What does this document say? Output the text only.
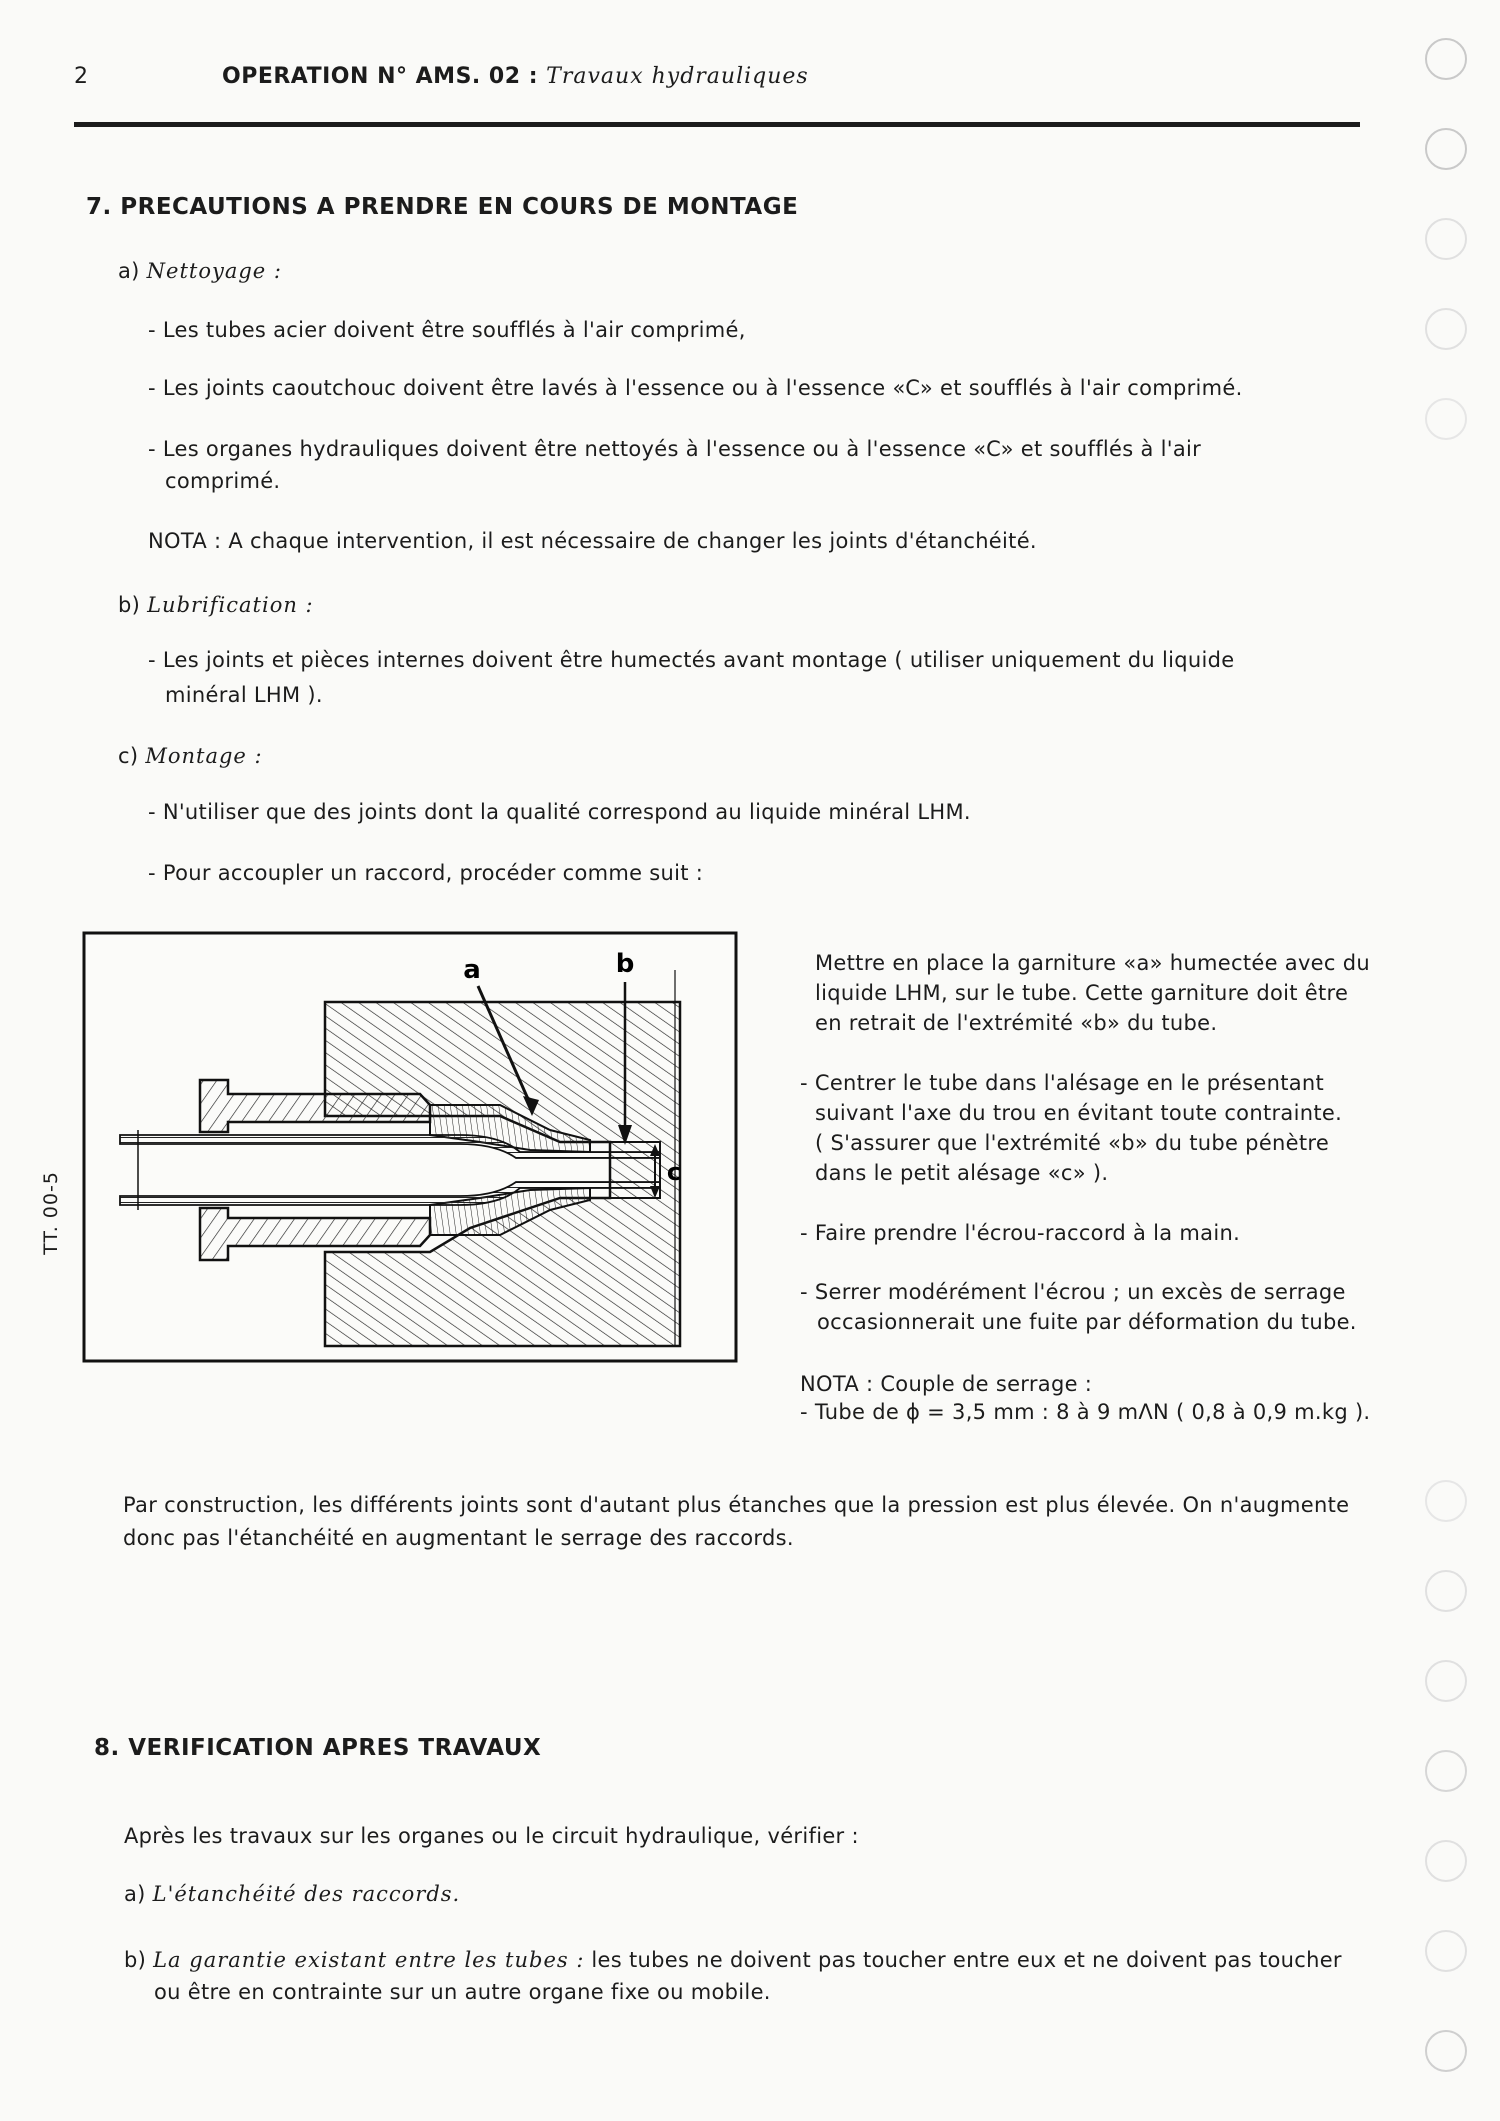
2	OPERATION N° AMS. 02 : Travaux hydrauliques
7. PRECAUTIONS A PRENDRE EN COURS DE MONTAGE
a) Nettoyage :
- Les tubes acier doivent être soufflés à l'air comprimé,
- Les joints caoutchouc doivent être lavés à l'essence ou à l'essence «C» et soufflés à l'air comprimé.
- Les organes hydrauliques doivent être nettoyés à l'essence ou à l'essence «C» et soufflés à l'air
comprimé.
NOTA : A chaque intervention, il est nécessaire de changer les joints d'étanchéité.
b) Lubrification :
- Les joints et pièces internes doivent être humectés avant montage ( utiliser uniquement du liquide
minéral LHM ).
c) Montage :
- N'utiliser que des joints dont la qualité correspond au liquide minéral LHM.
- Pour accoupler un raccord, procéder comme suit :
TT. 00-5
a	b
c
Mettre en place la garniture «a» humectée avec du
liquide LHM, sur le tube. Cette garniture doit être
en retrait de l'extrémité «b» du tube.
- Centrer le tube dans l'alésage en le présentant
suivant l'axe du trou en évitant toute contrainte.
( S'assurer que l'extrémité «b» du tube pénètre
dans le petit alésage «c» ).
- Faire prendre l'écrou-raccord à la main.
- Serrer modérément l'écrou ; un excès de serrage
occasionnerait une fuite par déformation du tube.
NOTA : Couple de serrage :
- Tube de ϕ = 3,5 mm : 8 à 9 mΛN ( 0,8 à 0,9 m.kg ).
Par construction, les différents joints sont d'autant plus étanches que la pression est plus élevée. On n'augmente
donc pas l'étanchéité en augmentant le serrage des raccords.
8. VERIFICATION APRES TRAVAUX
Après les travaux sur les organes ou le circuit hydraulique, vérifier :
a) L'étanchéité des raccords.
b) La garantie existant entre les tubes : les tubes ne doivent pas toucher entre eux et ne doivent pas toucher
ou être en contrainte sur un autre organe fixe ou mobile.
